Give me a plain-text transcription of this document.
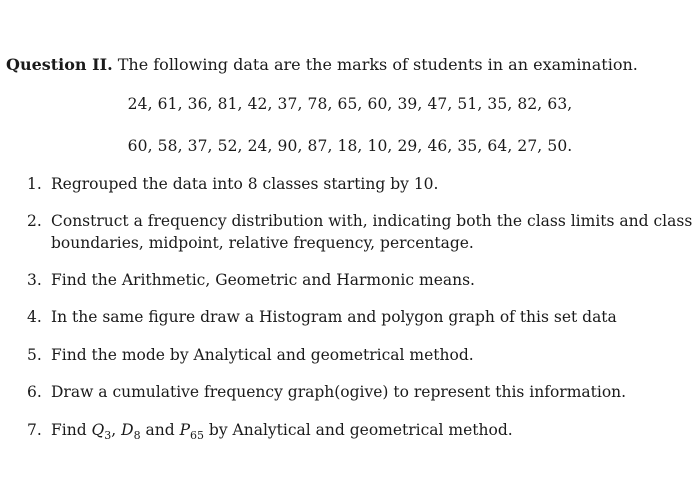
Question II. The following data are the marks of students in an examination.
24, 61, 36, 81, 42, 37, 78, 65, 60, 39, 47, 51, 35, 82, 63,
60, 58, 37, 52, 24, 90, 87, 18, 10, 29, 46, 35, 64, 27, 50.
1. Regrouped the data into 8 classes starting by 10.
2. Construct a frequency distribution with, indicating both the class limits and class boundaries, midpoint, relative frequency, percentage.
3. Find the Arithmetic, Geometric and Harmonic means.
4. In the same figure draw a Histogram and polygon graph of this set data
5. Find the mode by Analytical and geometrical method.
6. Draw a cumulative frequency graph(ogive) to represent this information.
7. Find $Q_3$, $D_8$ and $P_{65}$ by Analytical and geometrical method.
